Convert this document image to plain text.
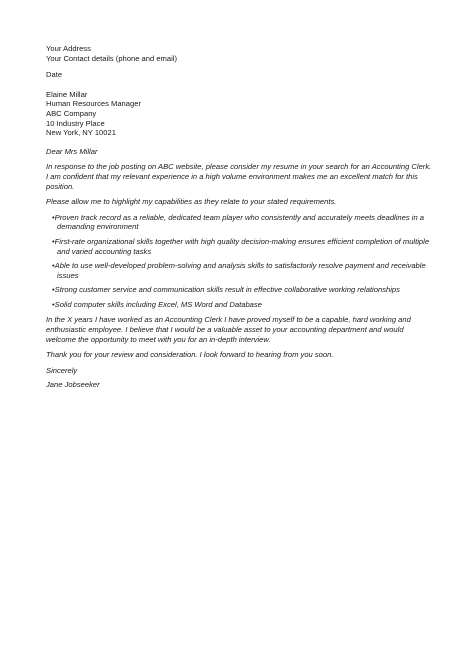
Your Address
Your Contact details (phone and email)
Date
Elaine Millar
Human Resources Manager
ABC Company
10 Industry Place
New York, NY 10021

Dear Mrs Millar

In response to the job posting on ABC website, please consider my resume in your search for an Accounting Clerk. I am confident that my relevant experience in a high volume environment makes me an excellent match for this position.

Please allow me to highlight my capabilities as they relate to your stated requirements.

•Proven track record as a reliable, dedicated team player who consistently and accurately meets deadlines in a demanding environment
•First-rate organizational skills together with high quality decision-making ensures efficient completion of multiple and varied accounting tasks
•Able to use well-developed problem-solving and analysis skills to satisfactorily resolve payment and receivable issues
•Strong customer service and communication skills result in effective collaborative working relationships
•Solid computer skills including Excel, MS Word and Database

In the X years I have worked as an Accounting Clerk I have proved myself to be a capable, hard working and enthusiastic employee. I believe that I would be a valuable asset to your accounting department and would welcome the opportunity to meet with you for an in-depth interview.

Thank you for your review and consideration. I look forward to hearing from you soon.

Sincerely

Jane Jobseeker
